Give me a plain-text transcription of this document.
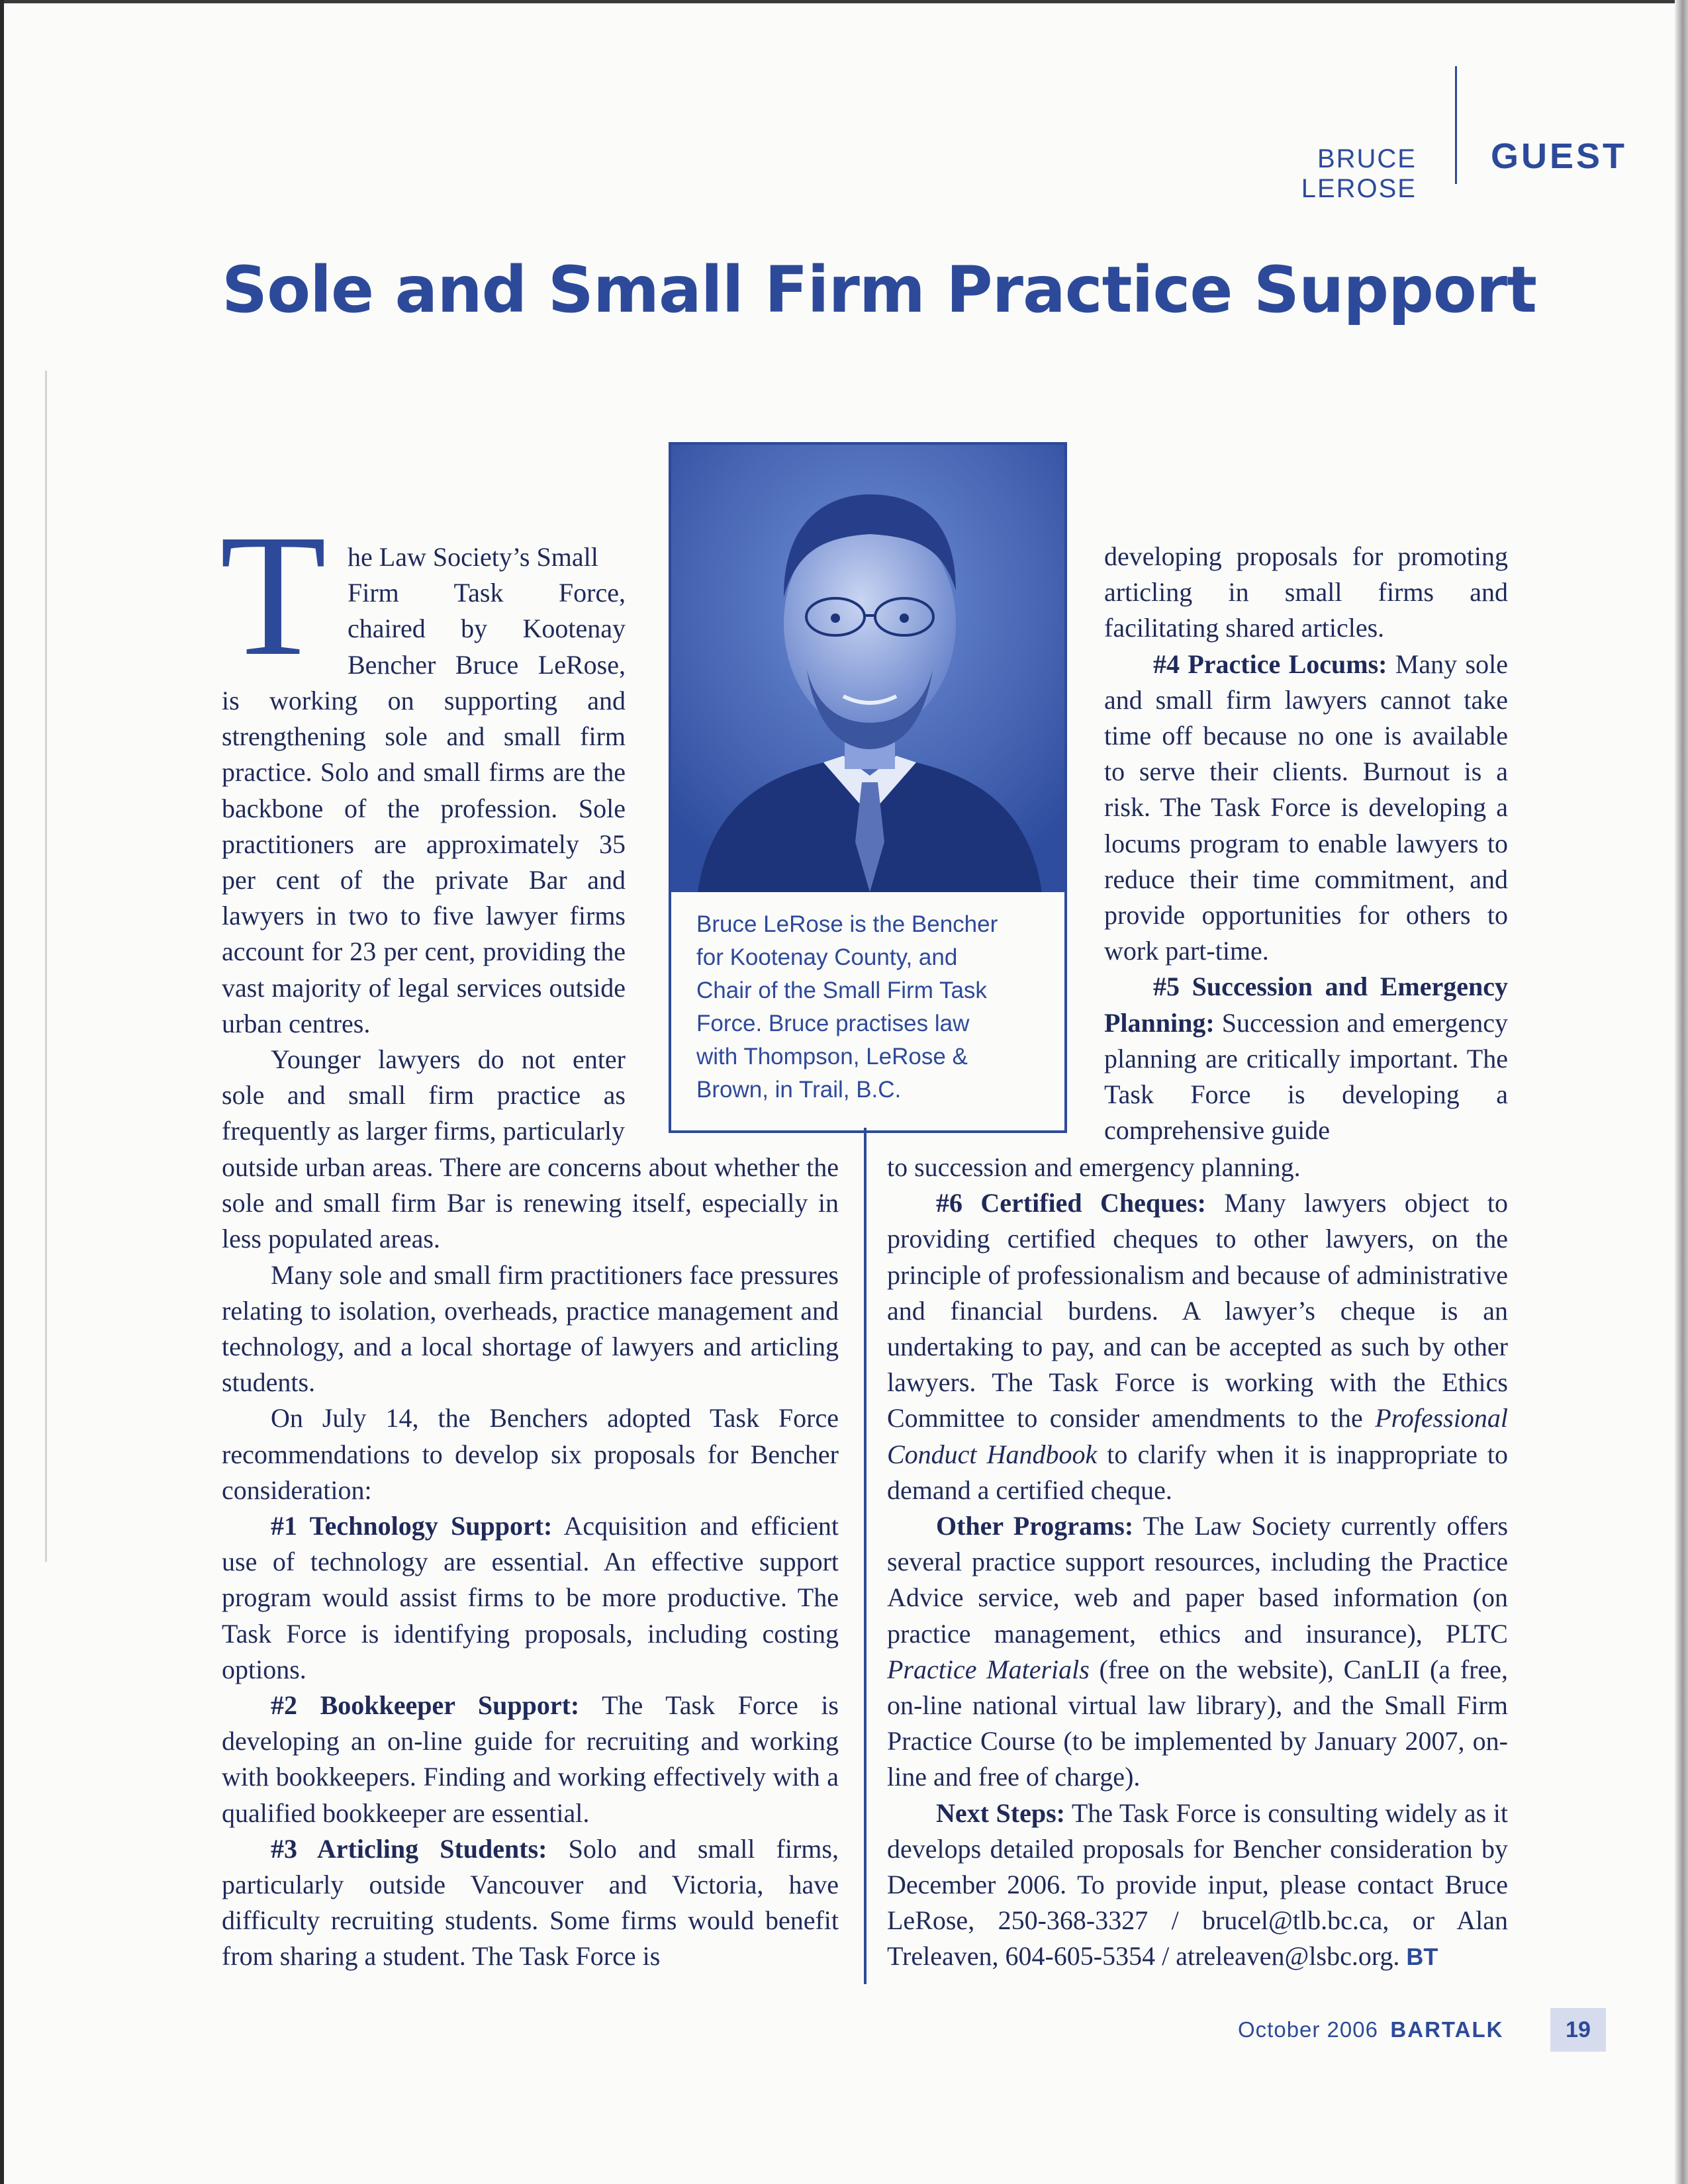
BRUCE LEROSE
GUEST
Sole and Small Firm Practice Support
T he Law Society’s Small

Firm Task Force,

chaired by Kootenay

Bencher Bruce LeRose,

is working on supporting and strengthening sole and small firm practice. Solo and small firms are the backbone of the profession. Sole practitioners are approximately 35 per cent of the private Bar and lawyers in two to five lawyer firms account for 23 per cent, providing the vast majority of legal services outside urban centres.

Younger lawyers do not enter sole and small firm practice as frequently as larger firms, particularly

outside urban areas. There are concerns about whether the sole and small firm Bar is renewing itself, especially in less populated areas.

Many sole and small firm practitioners face pressures relating to isolation, overheads, practice management and technology, and a local shortage of lawyers and articling students.

On July 14, the Benchers adopted Task Force recommendations to develop six proposals for Bencher consideration:

#1 Technology Support: Acquisition and efficient use of technology are essential. An effective support program would assist firms to be more productive. The Task Force is identifying proposals, including costing options.

#2 Bookkeeper Support: The Task Force is developing an on-line guide for recruiting and working with bookkeepers. Finding and working effectively with a qualified bookkeeper are essential.

#3 Articling Students: Solo and small firms, particularly outside Vancouver and Victoria, have difficulty recruiting students. Some firms would benefit from sharing a student. The Task Force is

Bruce LeRose is the Bencher
for Kootenay County, and
Chair of the Small Firm Task
Force. Bruce practises law
with Thompson, LeRose &
Brown, in Trail, B.C.

developing proposals for promoting articling in small firms and facilitating shared articles.

#4 Practice Locums: Many sole and small firm lawyers cannot take time off because no one is available to serve their clients. Burnout is a risk. The Task Force is developing a locums program to enable lawyers to reduce their time commitment, and provide opportunities for others to work part-time.

#5 Succession and Emergency Planning: Succession and emergency planning are critically important. The Task Force is developing a comprehensive guide

to succession and emergency planning.

#6 Certified Cheques: Many lawyers object to providing certified cheques to other lawyers, on the principle of professionalism and because of administrative and financial burdens. A lawyer’s cheque is an undertaking to pay, and can be accepted as such by other lawyers. The Task Force is working with the Ethics Committee to consider amendments to the Professional Conduct Handbook to clarify when it is inappropriate to demand a certified cheque.

Other Programs: The Law Society currently offers several practice support resources, including the Practice Advice service, web and paper based information (on practice management, ethics and insurance), PLTC Practice Materials (free on the website), CanLII (a free, on-line national virtual law library), and the Small Firm Practice Course (to be implemented by January 2007, on-line and free of charge).

Next Steps: The Task Force is consulting widely as it develops detailed proposals for Bencher consideration by December 2006. To provide input, please contact Bruce LeRose, 250-368-3327 / brucel@tlb.bc.ca, or Alan Treleaven, 604-605-5354 / atreleaven@lsbc.org. BT

October 2006 BARTALK	19
